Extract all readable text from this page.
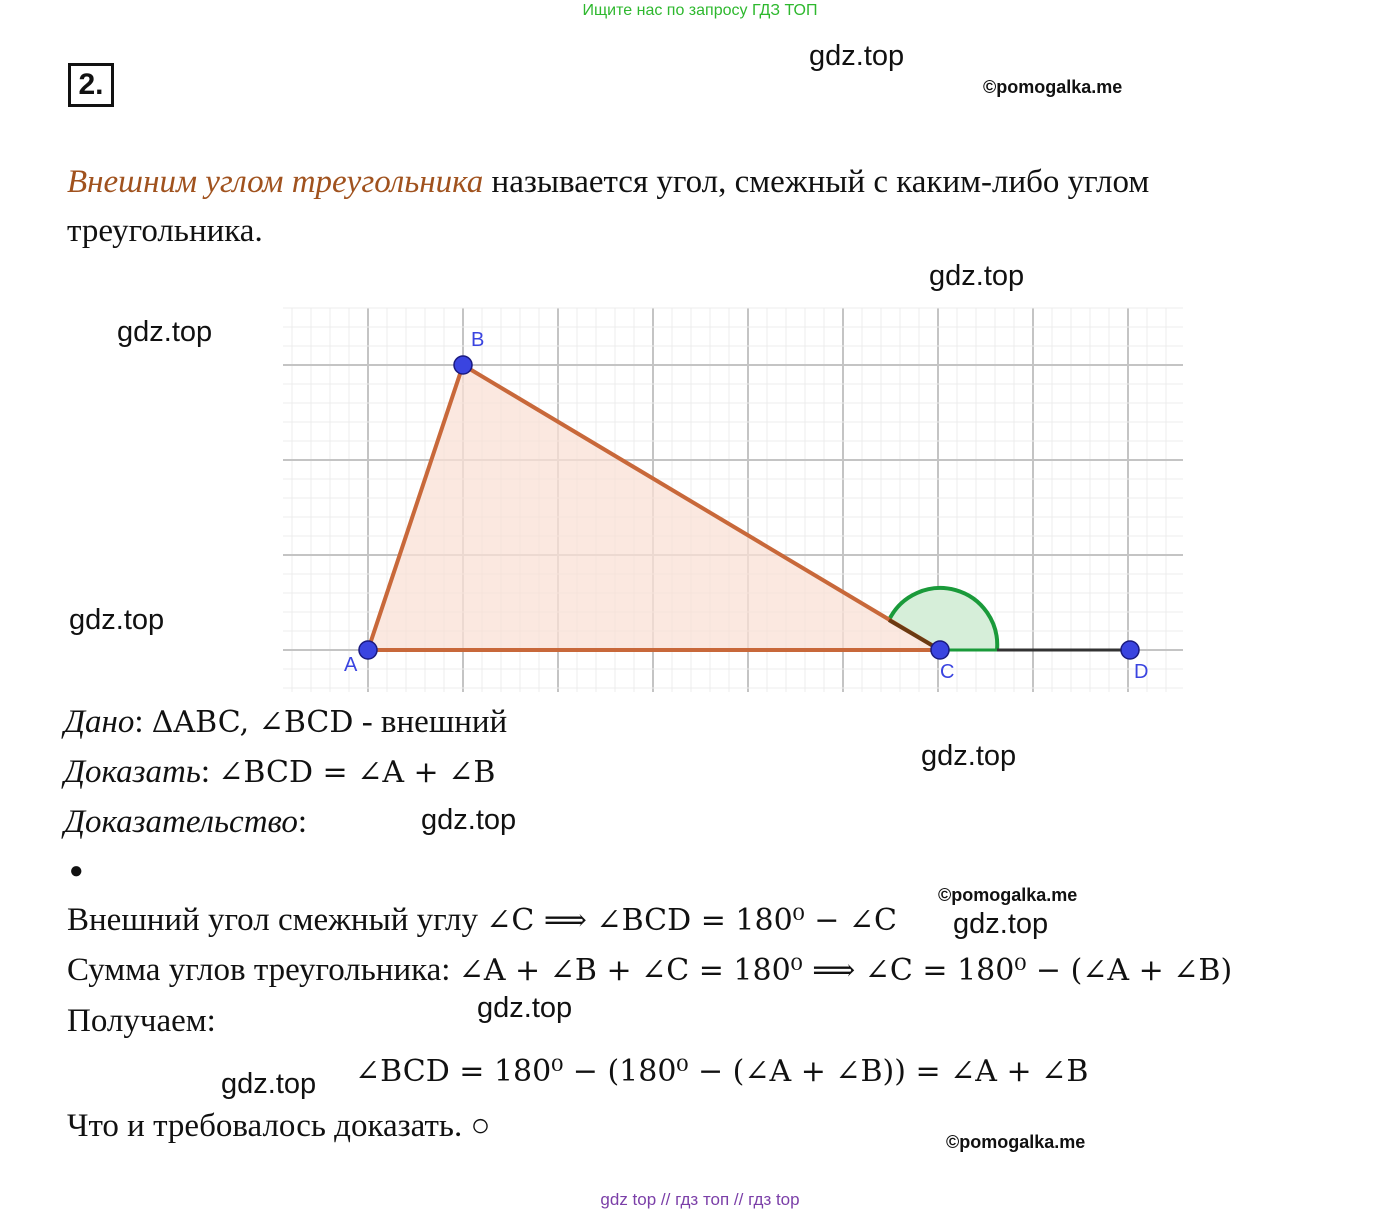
Ищите нас по запросу ГДЗ ТОП
2.
gdz.top
gdz.top
gdz.top
gdz.top
gdz.top
gdz.top
gdz.top
gdz.top
gdz.top
©pomogalka.me
©pomogalka.me
©pomogalka.me
Внешним углом треугольника называется угол, смежный с каким-либо углом
треугольника.
A
B
C	D
Дано: ΔABC, ∠BCD - внешний
Доказать: ∠BCD = ∠A + ∠B
Доказательство:
●
Внешний угол смежный углу ∠C ⟹ ∠BCD = 180⁰ − ∠C
Сумма углов треугольника: ∠A + ∠B + ∠C = 180⁰ ⟹ ∠C = 180⁰ − (∠A + ∠B)
Получаем:
∠BCD = 180⁰ − (180⁰ − (∠A + ∠B)) = ∠A + ∠B
Что и требовалось доказать. ○
gdz top // гдз топ // гдз top
